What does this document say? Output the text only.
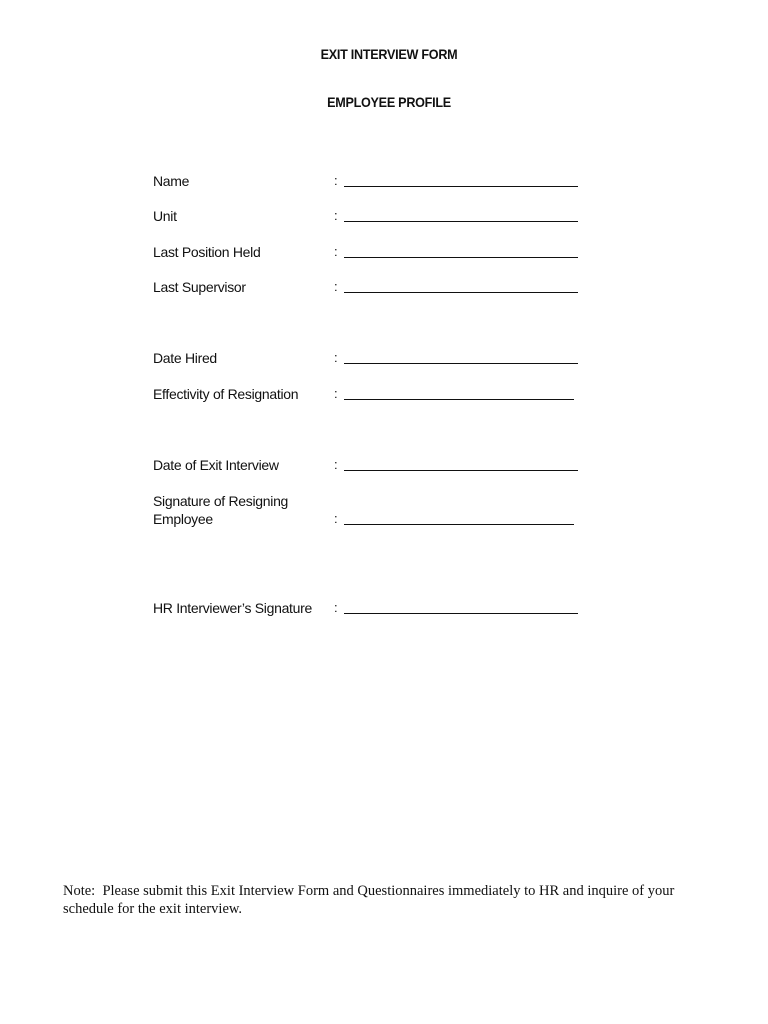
EXIT INTERVIEW FORM
EMPLOYEE PROFILE
Name	:
Unit	:
Last Position Held	:
Last Supervisor	:
Date Hired	:
Effectivity of Resignation	:
Date of Exit Interview	:
Signature of Resigning Employee	:
HR Interviewer’s Signature	:
Note:  Please submit this Exit Interview Form and Questionnaires immediately to HR and inquire of your schedule for the exit interview.
